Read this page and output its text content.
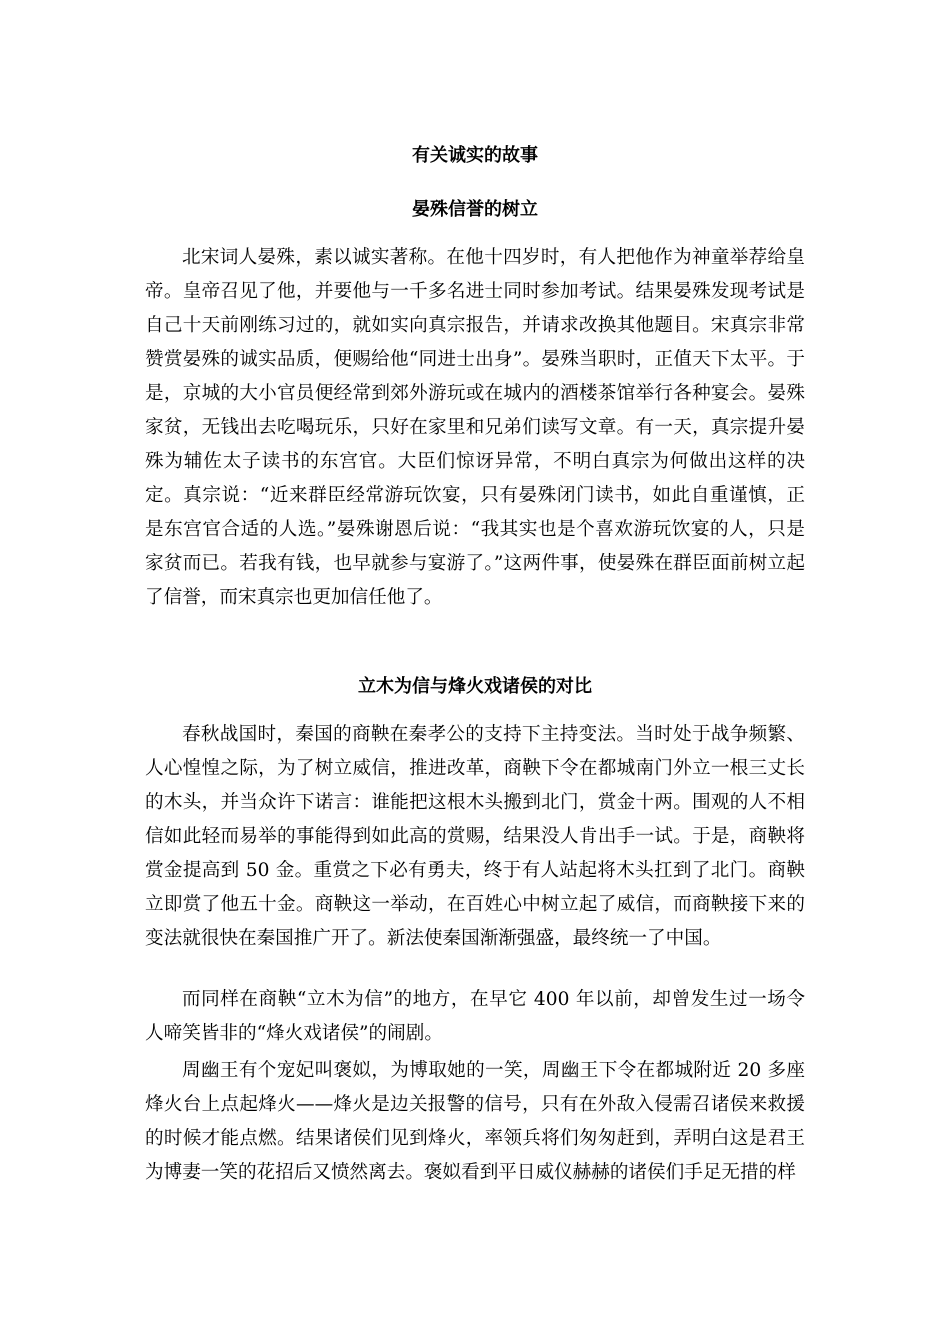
有关诚实的故事
晏殊信誉的树立

北宋词人晏殊，素以诚实著称。在他十四岁时，有人把他作为神童举荐给皇帝。皇帝召见了他，并要他与一千多名进士同时参加考试。结果晏殊发现考试是自己十天前刚练习过的，就如实向真宗报告，并请求改换其他题目。宋真宗非常赞赏晏殊的诚实品质，便赐给他“同进士出身”。晏殊当职时，正值天下太平。于是，京城的大小官员便经常到郊外游玩或在城内的酒楼茶馆举行各种宴会。晏殊家贫，无钱出去吃喝玩乐，只好在家里和兄弟们读写文章。有一天，真宗提升晏殊为辅佐太子读书的东宫官。大臣们惊讶异常，不明白真宗为何做出这样的决定。真宗说：“近来群臣经常游玩饮宴，只有晏殊闭门读书，如此自重谨慎，正是东宫官合适的人选。”晏殊谢恩后说：“我其实也是个喜欢游玩饮宴的人，只是家贫而已。若我有钱，也早就参与宴游了。”这两件事，使晏殊在群臣面前树立起了信誉，而宋真宗也更加信任他了。

立木为信与烽火戏诸侯的对比

春秋战国时，秦国的商鞅在秦孝公的支持下主持变法。当时处于战争频繁、人心惶惶之际，为了树立威信，推进改革，商鞅下令在都城南门外立一根三丈长的木头，并当众许下诺言：谁能把这根木头搬到北门，赏金十两。围观的人不相信如此轻而易举的事能得到如此高的赏赐，结果没人肯出手一试。于是，商鞅将赏金提高到 50 金。重赏之下必有勇夫，终于有人站起将木头扛到了北门。商鞅立即赏了他五十金。商鞅这一举动，在百姓心中树立起了威信，而商鞅接下来的变法就很快在秦国推广开了。新法使秦国渐渐强盛，最终统一了中国。

而同样在商鞅“立木为信”的地方，在早它 400 年以前，却曾发生过一场令人啼笑皆非的“烽火戏诸侯”的闹剧。

周幽王有个宠妃叫褒姒，为博取她的一笑，周幽王下令在都城附近 20 多座烽火台上点起烽火——烽火是边关报警的信号，只有在外敌入侵需召诸侯来救援的时候才能点燃。结果诸侯们见到烽火，率领兵将们匆匆赶到，弄明白这是君王为博妻一笑的花招后又愤然离去。褒姒看到平日威仪赫赫的诸侯们手足无措的样
